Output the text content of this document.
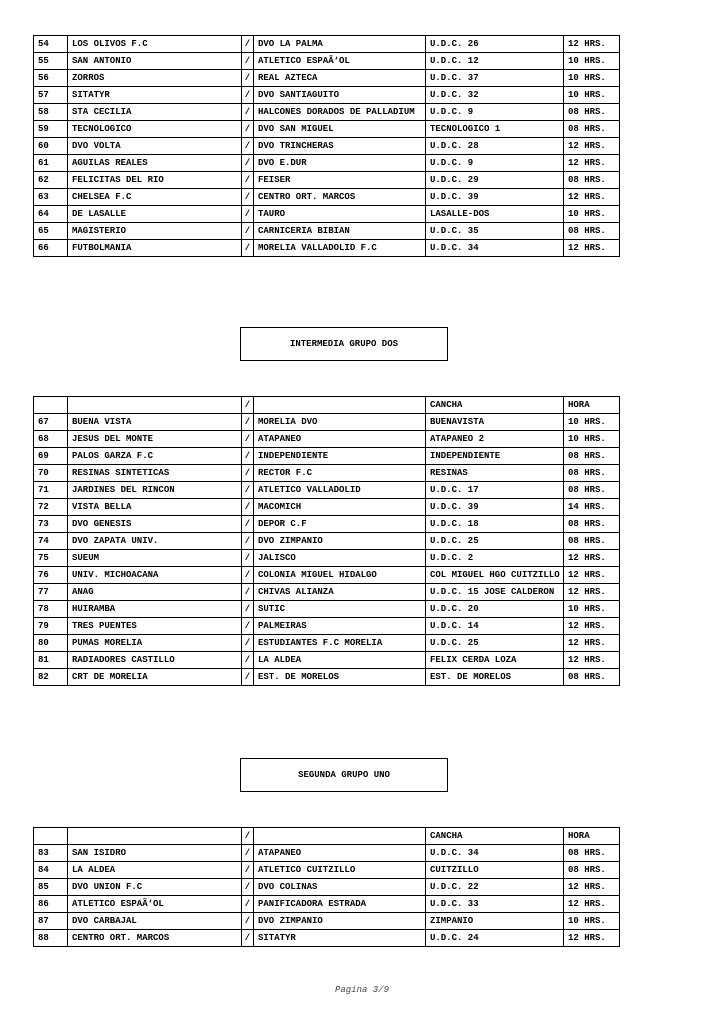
54	LOS OLIVOS F.C	/	DVO LA PALMA	U.D.C. 26	12 HRS.
55	SAN ANTONIO	/	ATLETICO ESPAÃ‘OL	U.D.C. 12	10 HRS.
56	ZORROS	/	REAL AZTECA	U.D.C. 37	10 HRS.
57	SITATYR	/	DVO SANTIAGUITO	U.D.C. 32	10 HRS.
58	STA CECILIA	/	HALCONES DORADOS DE PALLADIUM	U.D.C. 9	08 HRS.
59	TECNOLOGICO	/	DVO SAN MIGUEL	TECNOLOGICO 1	08 HRS.
60	DVO VOLTA	/	DVO TRINCHERAS	U.D.C. 28	12 HRS.
61	AGUILAS REALES	/	DVO E.DUR	U.D.C. 9	12 HRS.
62	FELICITAS DEL RIO	/	FEISER	U.D.C. 29	08 HRS.
63	CHELSEA F.C	/	CENTRO ORT. MARCOS	U.D.C. 39	12 HRS.
64	DE LASALLE	/	TAURO	LASALLE-DOS	10 HRS.
65	MAGISTERIO	/	CARNICERIA BIBIAN	U.D.C. 35	08 HRS.
66	FUTBOLMANIA	/	MORELIA VALLADOLID F.C	U.D.C. 34	12 HRS.
INTERMEDIA GRUPO DOS
		/		CANCHA	HORA
67	BUENA VISTA	/	MORELIA DVO	BUENAVISTA	10 HRS.
68	JESUS DEL MONTE	/	ATAPANEO	ATAPANEO 2	10 HRS.
69	PALOS GARZA F.C	/	INDEPENDIENTE	INDEPENDIENTE	08 HRS.
70	RESINAS SINTETICAS	/	RECTOR F.C	RESINAS	08 HRS.
71	JARDINES DEL RINCON	/	ATLETICO VALLADOLID	U.D.C. 17	08 HRS.
72	VISTA BELLA	/	MACOMICH	U.D.C. 39	14 HRS.
73	DVO GENESIS	/	DEPOR C.F	U.D.C. 18	08 HRS.
74	DVO ZAPATA UNIV.	/	DVO ZIMPANIO	U.D.C. 25	08 HRS.
75	SUEUM	/	JALISCO	U.D.C. 2	12 HRS.
76	UNIV. MICHOACANA	/	COLONIA MIGUEL HIDALGO	COL MIGUEL HGO CUITZILLO	12 HRS.
77	ANAG	/	CHIVAS ALIANZA	U.D.C. 15 JOSE CALDERON	12 HRS.
78	HUIRAMBA	/	SUTIC	U.D.C. 20	10 HRS.
79	TRES PUENTES	/	PALMEIRAS	U.D.C. 14	12 HRS.
80	PUMAS MORELIA	/	ESTUDIANTES F.C MORELIA	U.D.C. 25	12 HRS.
81	RADIADORES CASTILLO	/	LA ALDEA	FELIX CERDA LOZA	12 HRS.
82	CRT DE MORELIA	/	EST. DE MORELOS	EST. DE MORELOS	08 HRS.
SEGUNDA GRUPO UNO
		/		CANCHA	HORA
83	SAN ISIDRO	/	ATAPANEO	U.D.C. 34	08 HRS.
84	LA ALDEA	/	ATLETICO CUITZILLO	CUITZILLO	08 HRS.
85	DVO UNION F.C	/	DVO COLINAS	U.D.C. 22	12 HRS.
86	ATLETICO ESPAÃ‘OL	/	PANIFICADORA ESTRADA	U.D.C. 33	12 HRS.
87	DVO CARBAJAL	/	DVO ZIMPANIO	ZIMPANIO	10 HRS.
88	CENTRO ORT. MARCOS	/	SITATYR	U.D.C. 24	12 HRS.
Pagina 3/9
